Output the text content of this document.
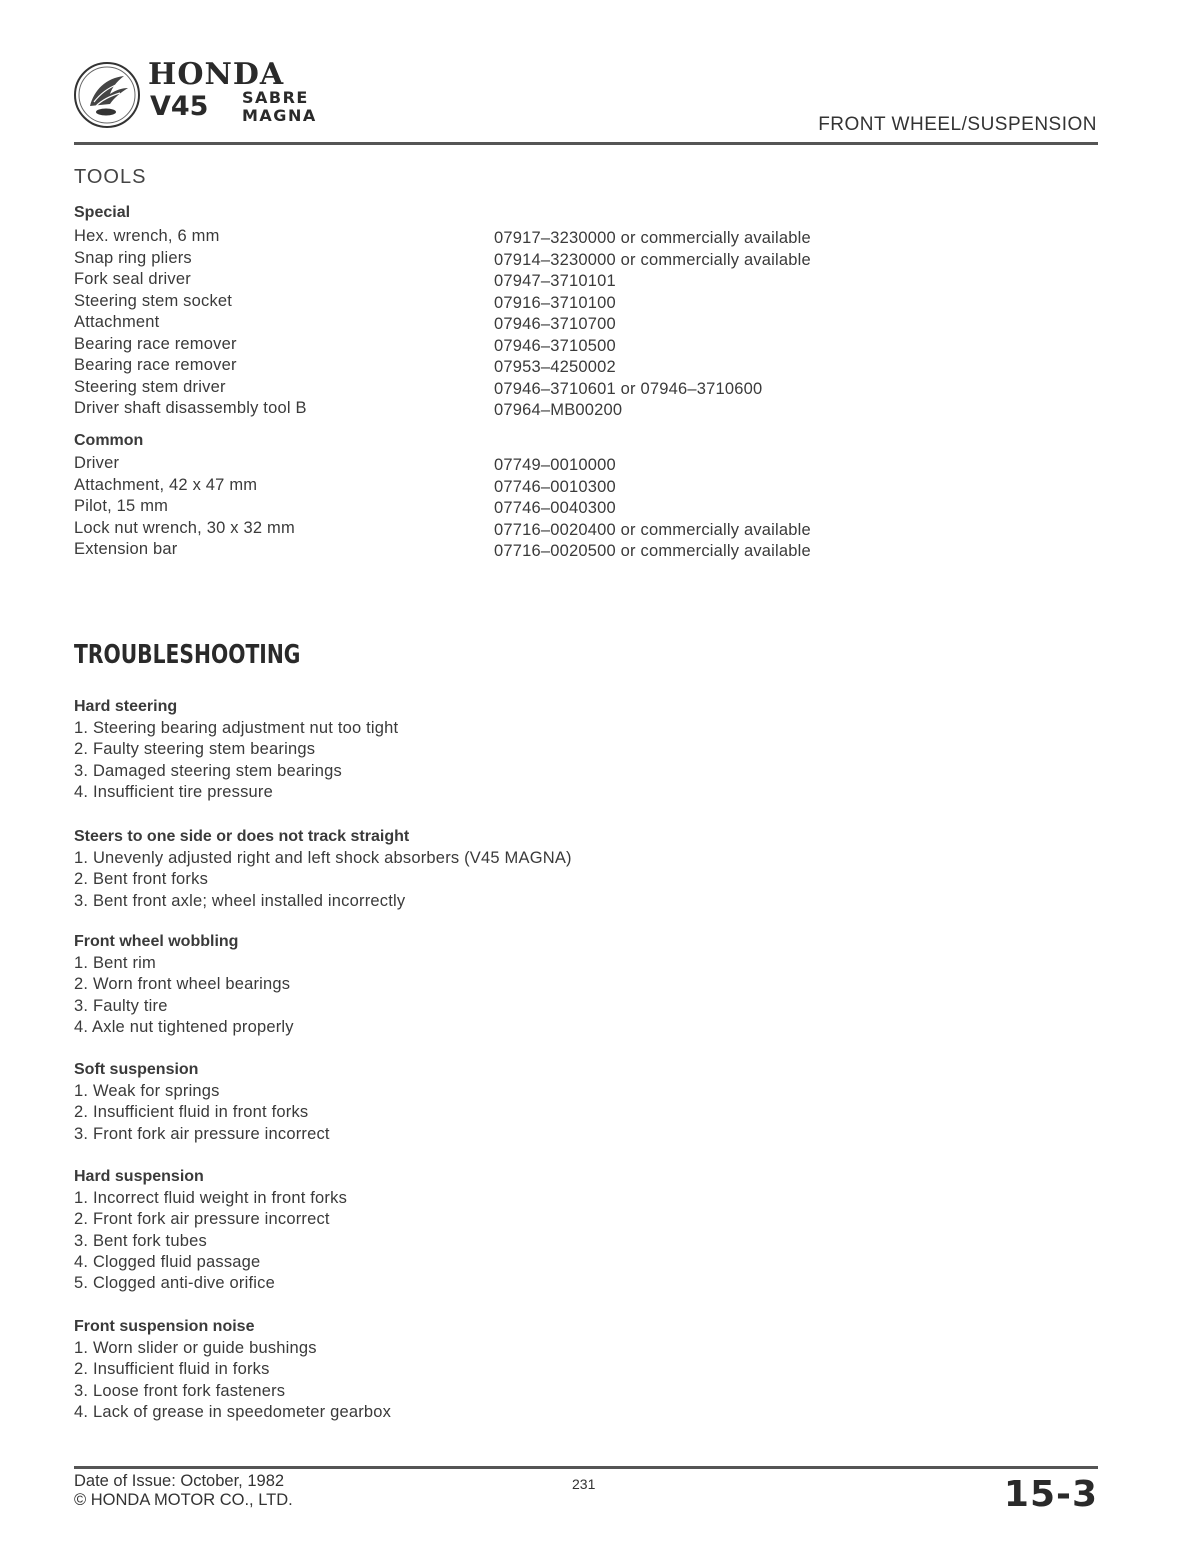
HONDA
V45 SABRE
MAGNA	FRONT WHEEL/SUSPENSION
TOOLS
Special
Hex. wrench, 6 mm	07917–3230000 or commercially available
Snap ring pliers	07914–3230000 or commercially available
Fork seal driver	07947–3710101
Steering stem socket	07916–3710100
Attachment	07946–3710700
Bearing race remover	07946–3710500
Bearing race remover	07953–4250002
Steering stem driver	07946–3710601 or 07946–3710600
Driver shaft disassembly tool B	07964–MB00200
Common
Driver	07749–0010000
Attachment, 42 x 47 mm	07746–0010300
Pilot, 15 mm	07746–0040300
Lock nut wrench, 30 x 32 mm	07716–0020400 or commercially available
Extension bar	07716–0020500 or commercially available
TROUBLESHOOTING
Hard steering
1. Steering bearing adjustment nut too tight
2. Faulty steering stem bearings
3. Damaged steering stem bearings
4. Insufficient tire pressure
Steers to one side or does not track straight
1. Unevenly adjusted right and left shock absorbers (V45 MAGNA)
2. Bent front forks
3. Bent front axle; wheel installed incorrectly
Front wheel wobbling
1. Bent rim
2. Worn front wheel bearings
3. Faulty tire
4. Axle nut tightened properly
Soft suspension
1. Weak for springs
2. Insufficient fluid in front forks
3. Front fork air pressure incorrect
Hard suspension
1. Incorrect fluid weight in front forks
2. Front fork air pressure incorrect
3. Bent fork tubes
4. Clogged fluid passage
5. Clogged anti-dive orifice
Front suspension noise
1. Worn slider or guide bushings
2. Insufficient fluid in forks
3. Loose front fork fasteners
4. Lack of grease in speedometer gearbox
Date of Issue: October, 1982
© HONDA MOTOR CO., LTD.
231	15-3
